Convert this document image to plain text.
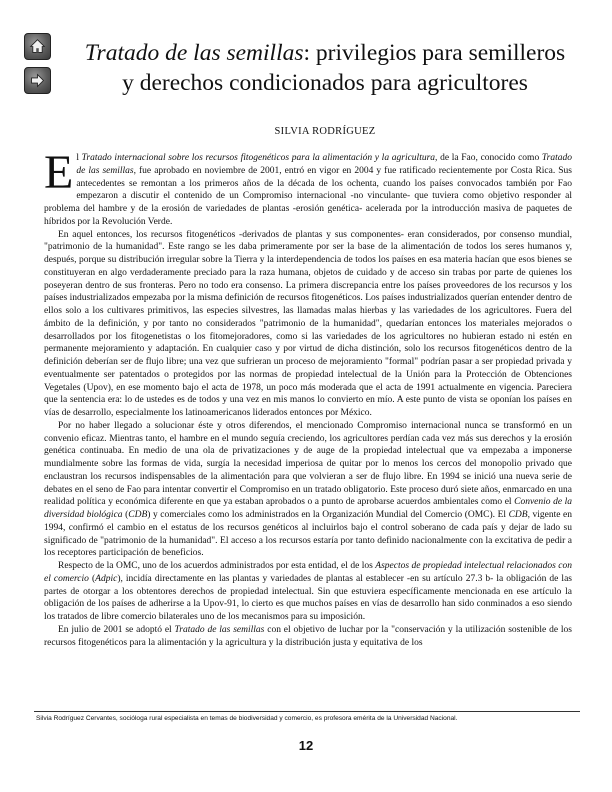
Tratado de las semillas: privilegios para semilleros
y derechos condicionados para agricultores

SILVIA RODRÍGUEZ

El Tratado internacional sobre los recursos fitogenéticos para la alimentación y la agricultura, de la Fao, conocido como Tratado de las semillas, fue aprobado en noviembre de 2001, entró en vigor en 2004 y fue ratificado recientemente por Costa Rica. Sus antecedentes se remontan a los primeros años de la década de los ochenta, cuando los países convocados también por Fao empezaron a discutir el contenido de un Compromiso internacional -no vinculante- que tuviera como objetivo responder al problema del hambre y de la erosión de variedades de plantas -erosión genética- acelerada por la introducción masiva de paquetes de híbridos por la Revolución Verde.

En aquel entonces, los recursos fitogenéticos -derivados de plantas y sus componentes- eran considerados, por consenso mundial, "patrimonio de la humanidad". Este rango se les daba primeramente por ser la base de la alimentación de todos los seres humanos y, después, porque su distribución irregular sobre la Tierra y la interdependencia de todos los países en esa materia hacían que esos bienes se constituyeran en algo verdaderamente preciado para la raza humana, objetos de cuidado y de acceso sin trabas por parte de quienes los poseyeran dentro de sus fronteras. Pero no todo era consenso. La primera discrepancia entre los países proveedores de los recursos y los países industrializados empezaba por la misma definición de recursos fitogenéticos. Los países industrializados querían entender dentro de ellos solo a los cultivares primitivos, las especies silvestres, las llamadas malas hierbas y las variedades de los agricultores. Fuera del ámbito de la definición, y por tanto no considerados "patrimonio de la humanidad", quedarían entonces los materiales mejorados o desarrollados por los fitogenetistas o los fitomejoradores, como si las variedades de los agricultores no hubieran estado ni estén en permanente mejoramiento y adaptación. En cualquier caso y por virtud de dicha distinción, solo los recursos fitogenéticos dentro de la definición deberían ser de flujo libre; una vez que sufrieran un proceso de mejoramiento "formal" podrían pasar a ser propiedad privada y eventualmente ser patentados o protegidos por las normas de propiedad intelectual de la Unión para la Protección de Obtenciones Vegetales (Upov), en ese momento bajo el acta de 1978, un poco más moderada que el acta de 1991 actualmente en vigencia. Pareciera que la sentencia era: lo de ustedes es de todos y una vez en mis manos lo convierto en mío. A este punto de vista se oponían los países en vías de desarrollo, especialmente los latinoamericanos liderados entonces por México.

Por no haber llegado a solucionar éste y otros diferendos, el mencionado Compromiso internacional nunca se transformó en un convenio eficaz. Mientras tanto, el hambre en el mundo seguía creciendo, los agricultores perdían cada vez más sus derechos y la erosión genética continuaba. En medio de una ola de privatizaciones y de auge de la propiedad intelectual que va empezaba a imponerse mundialmente sobre las formas de vida, surgía la necesidad imperiosa de quitar por lo menos los cercos del monopolio privado que enclaustran los recursos indispensables de la alimentación para que volvieran a ser de flujo libre. En 1994 se inició una nueva serie de debates en el seno de Fao para intentar convertir el Compromiso en un tratado obligatorio. Este proceso duró siete años, enmarcado en una realidad política y económica diferente en que ya estaban aprobados o a punto de aprobarse acuerdos ambientales como el Convenio de la diversidad biológica (CDB) y comerciales como los administrados en la Organización Mundial del Comercio (OMC). El CDB, vigente en 1994, confirmó el cambio en el estatus de los recursos genéticos al incluirlos bajo el control soberano de cada país y dejar de lado su significado de "patrimonio de la humanidad". El acceso a los recursos estaría por tanto definido nacionalmente con la excitativa de pedir a los receptores participación de beneficios.

Respecto de la OMC, uno de los acuerdos administrados por esta entidad, el de los Aspectos de propiedad intelectual relacionados con el comercio (Adpic), incidía directamente en las plantas y variedades de plantas al establecer -en su artículo 27.3 b- la obligación de las partes de otorgar a los obtentores derechos de propiedad intelectual. Sin que estuviera específicamente mencionada en ese artículo la obligación de los países de adherirse a la Upov-91, lo cierto es que muchos países en vías de desarrollo han sido conminados a eso siendo los tratados de libre comercio bilaterales uno de los mecanismos para su imposición.

En julio de 2001 se adoptó el Tratado de las semillas con el objetivo de luchar por la "conservación y la utilización sostenible de los recursos fitogenéticos para la alimentación y la agricultura y la distribución justa y equitativa de los

Silvia Rodríguez Cervantes, socióloga rural especialista en temas de biodiversidad y comercio, es profesora emérita de la Universidad Nacional.

12
